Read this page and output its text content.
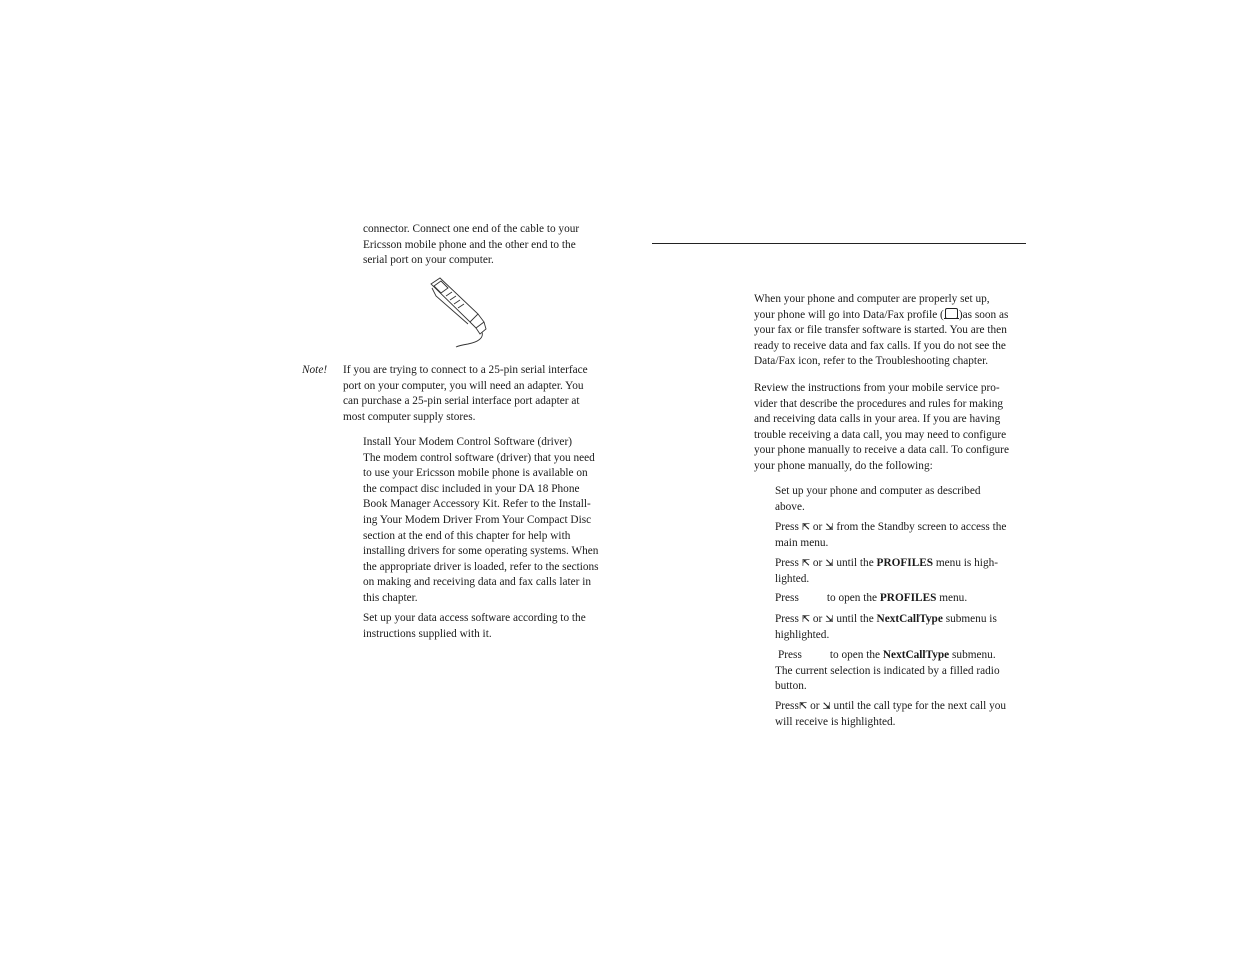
connector. Connect one end of the cable to your

Ericsson mobile phone and the other end to the

serial port on your computer.

Note! If you are trying to connect to a 25-pin serial interface

port on your computer, you will need an adapter. You

can purchase a 25-pin serial interface port adapter at

most computer supply stores.

Install Your Modem Control Software (driver)

The modem control software (driver) that you need

to use your Ericsson mobile phone is available on

the compact disc included in your DA 18 Phone

Book Manager Accessory Kit. Refer to the Install-

ing Your Modem Driver From Your Compact Disc

section at the end of this chapter for help with

installing drivers for some operating systems. When

the appropriate driver is loaded, refer to the sections

on making and receiving data and fax calls later in

this chapter.

Set up your data access software according to the

instructions supplied with it.

When your phone and computer are properly set up,

your phone will go into Data/Fax profile ( )as soon as

your fax or file transfer software is started. You are then

ready to receive data and fax calls. If you do not see the

Data/Fax icon, refer to the Troubleshooting chapter.

Review the instructions from your mobile service pro-

vider that describe the procedures and rules for making

and receiving data calls in your area. If you are having

trouble receiving a data call, you may need to configure

your phone manually to receive a data call. To configure

your phone manually, do the following:

Set up your phone and computer as described

above.

Press ⇱ or ⇲ from the Standby screen to access the

main menu.

Press ⇱ or ⇲ until the PROFILES menu is high-

lighted.

Press to open the PROFILES menu.

Press ⇱ or ⇲ until the NextCallType submenu is

highlighted.

Press to open the NextCallType submenu.

The current selection is indicated by a filled radio

button.

Press⇱ or ⇲ until the call type for the next call you

will receive is highlighted.
